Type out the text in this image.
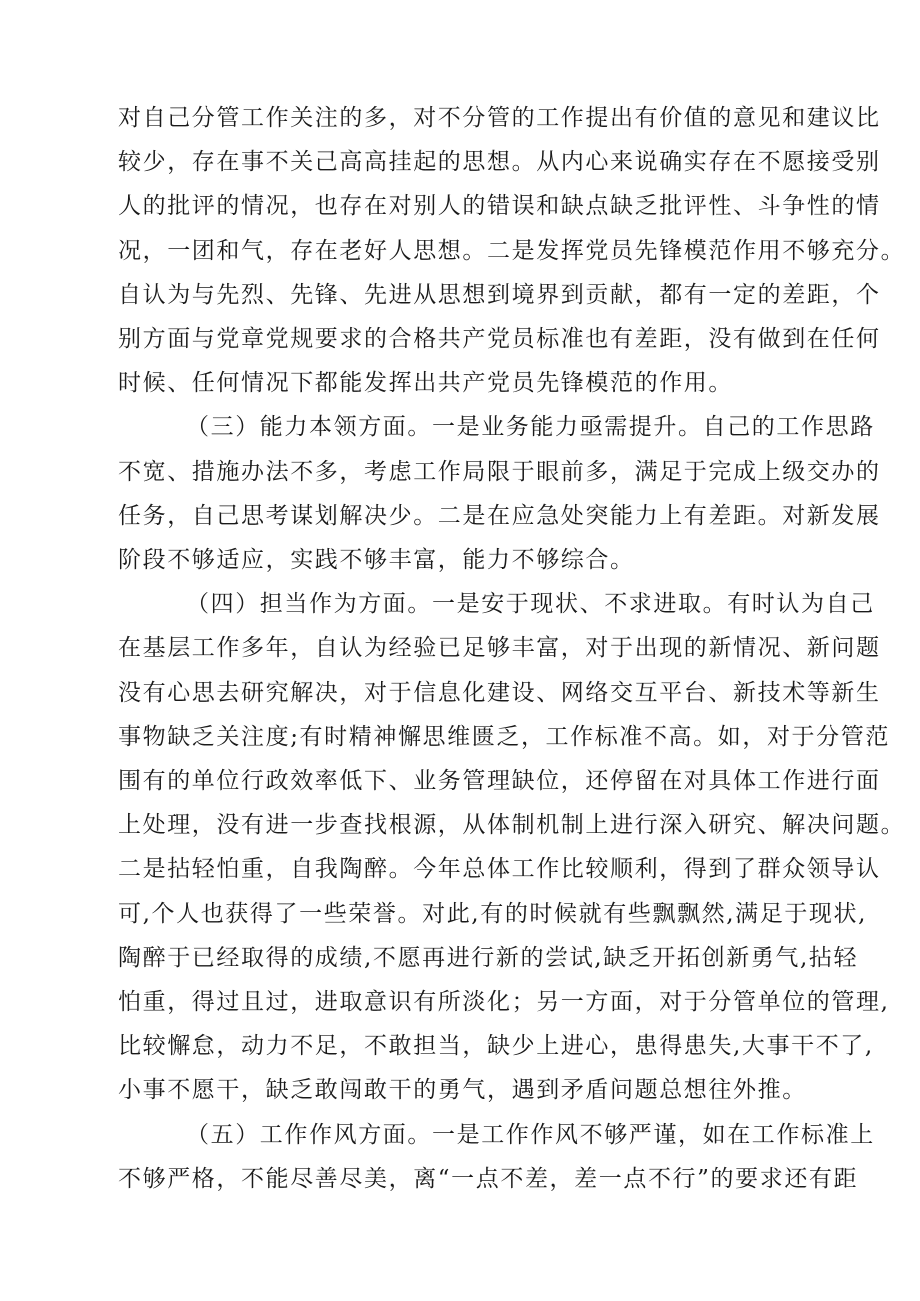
对自己分管工作关注的多，对不分管的工作提出有价值的意见和建议比
较少，存在事不关己高高挂起的思想。从内心来说确实存在不愿接受别
人的批评的情况，也存在对别人的错误和缺点缺乏批评性、斗争性的情
况，一团和气，存在老好人思想。二是发挥党员先锋模范作用不够充分。
自认为与先烈、先锋、先进从思想到境界到贡献，都有一定的差距，个
别方面与党章党规要求的合格共产党员标准也有差距，没有做到在任何
时候、任何情况下都能发挥出共产党员先锋模范的作用。

（三）能力本领方面。一是业务能力亟需提升。自己的工作思路
不宽、措施办法不多，考虑工作局限于眼前多，满足于完成上级交办的
任务，自己思考谋划解决少。二是在应急处突能力上有差距。对新发展
阶段不够适应，实践不够丰富，能力不够综合。

（四）担当作为方面。一是安于现状、不求进取。有时认为自己
在基层工作多年，自认为经验已足够丰富，对于出现的新情况、新问题
没有心思去研究解决，对于信息化建设、网络交互平台、新技术等新生
事物缺乏关注度;有时精神懈思维匮乏，工作标准不高。如，对于分管范
围有的单位行政效率低下、业务管理缺位，还停留在对具体工作进行面
上处理，没有进一步查找根源，从体制机制上进行深入研究、解决问题。
二是拈轻怕重，自我陶醉。今年总体工作比较顺利，得到了群众领导认
可,个人也获得了一些荣誉。对此,有的时候就有些飘飘然,满足于现状,
陶醉于已经取得的成绩,不愿再进行新的尝试,缺乏开拓创新勇气,拈轻
怕重，得过且过，进取意识有所淡化；另一方面，对于分管单位的管理,
比较懈怠，动力不足，不敢担当，缺少上进心，患得患失,大事干不了,
小事不愿干，缺乏敢闯敢干的勇气，遇到矛盾问题总想往外推。

（五）工作作风方面。一是工作作风不够严谨，如在工作标准上
不够严格，不能尽善尽美，离“一点不差，差一点不行”的要求还有距
